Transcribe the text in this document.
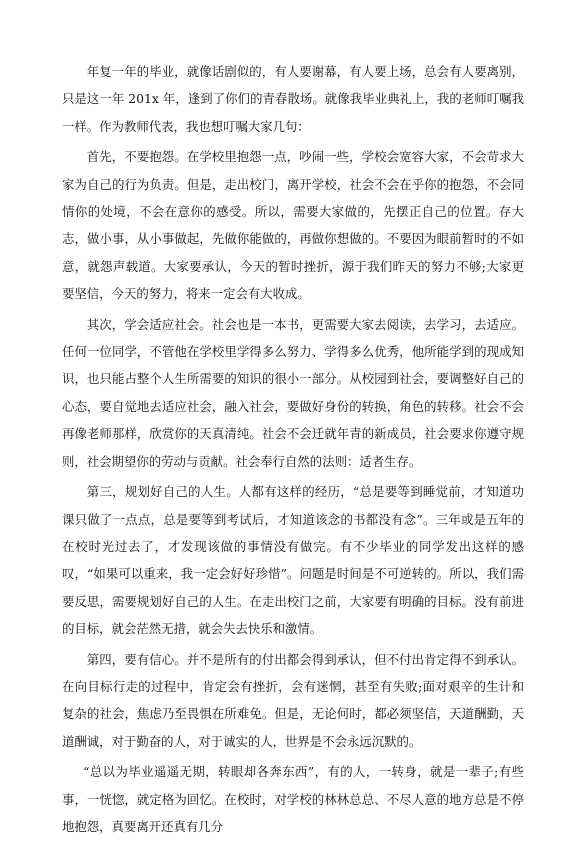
年复一年的毕业，就像话剧似的，有人要谢幕，有人要上场，总会有人要离别，只是这一年 201x 年，逢到了你们的青春散场。就像我毕业典礼上，我的老师叮嘱我一样。作为教师代表，我也想叮嘱大家几句：

首先，不要抱怨。在学校里抱怨一点，吵闹一些，学校会宽容大家，不会苛求大家为自己的行为负责。但是，走出校门，离开学校，社会不会在乎你的抱怨，不会同情你的处境，不会在意你的感受。所以，需要大家做的，先摆正自己的位置。存大志，做小事，从小事做起，先做你能做的，再做你想做的。不要因为眼前暂时的不如意，就怨声载道。大家要承认，今天的暂时挫折，源于我们昨天的努力不够;大家更要坚信，今天的努力，将来一定会有大收成。

其次，学会适应社会。社会也是一本书，更需要大家去阅读，去学习，去适应。任何一位同学，不管他在学校里学得多么努力、学得多么优秀，他所能学到的现成知识，也只能占整个人生所需要的知识的很小一部分。从校园到社会，要调整好自己的心态，要自觉地去适应社会，融入社会，要做好身份的转换，角色的转移。社会不会再像老师那样，欣赏你的天真清纯。社会不会迁就年青的新成员，社会要求你遵守规则，社会期望你的劳动与贡献。社会奉行自然的法则：适者生存。

第三，规划好自己的人生。人都有这样的经历，“总是要等到睡觉前，才知道功课只做了一点点，总是要等到考试后，才知道该念的书都没有念”。三年或是五年的在校时光过去了，才发现该做的事情没有做完。有不少毕业的同学发出这样的感叹，“如果可以重来，我一定会好好珍惜”。问题是时间是不可逆转的。所以，我们需要反思，需要规划好自己的人生。在走出校门之前，大家要有明确的目标。没有前进的目标，就会茫然无措，就会失去快乐和激情。

第四，要有信心。并不是所有的付出都会得到承认，但不付出肯定得不到承认。在向目标行走的过程中，肯定会有挫折，会有迷惘，甚至有失败;面对艰辛的生计和复杂的社会，焦虑乃至畏惧在所难免。但是，无论何时，都必须坚信，天道酬勤，天道酬诚，对于勤奋的人，对于诚实的人，世界是不会永远沉默的。

“总以为毕业遥遥无期，转眼却各奔东西”，有的人，一转身，就是一辈子;有些事，一恍惚，就定格为回忆。在校时，对学校的林林总总、不尽人意的地方总是不停地抱怨，真要离开还真有几分
